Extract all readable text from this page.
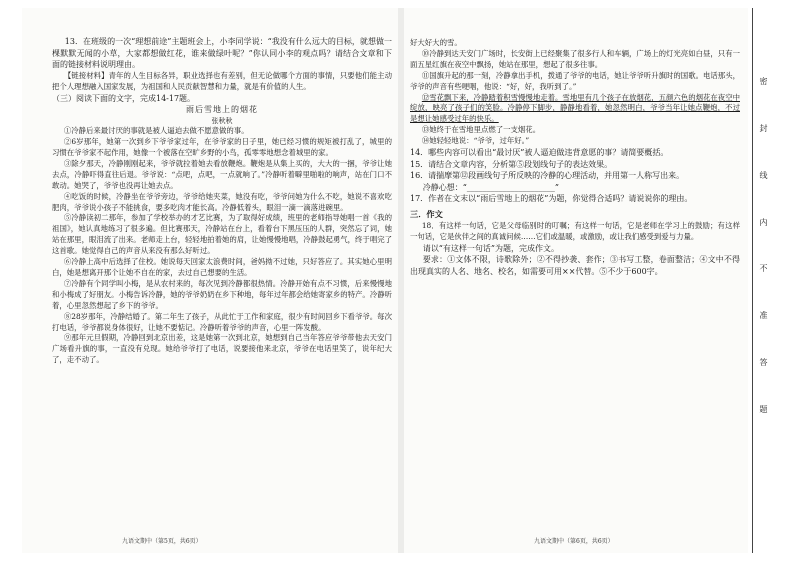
13．在班级的一次“理想前途”主题班会上，小李同学说：“我没有什么远大的目标，就想做一棵默默无闻的小草，大家都想做红花，谁来做绿叶呢？”你认同小李的观点吗？请结合文章和下面的链接材料说明理由。

【链接材料】青年的人生目标各异，职业选择也有差别，但无论做哪个方面的事情，只要他们能主动把个人理想融入国家发展，为祖国和人民贡献智慧和力量，就是有价值的人生。

（三）阅读下面的文字，完成14-17题。

雨后雪地上的烟花

张秋秋

①冷静后来最讨厌的事就是被人逼迫去做不愿意做的事。

②6岁那年，她第一次到乡下爷爷家过年，在爷爷家的日子里，她已经习惯的规矩被打乱了，城里的习惯在爷爷家不起作用，她像一个被落在空旷乡野的小鸟，孤零零地想念着城里的家。

③除夕那天，冷静刚刚起来，爷爷就拉着她去看放鞭炮。鞭炮是从集上买的，大大的一捆，爷爷让她去点，冷静吓得直往后退。爷爷说：“点吧，点吧，一点就响了。”冷静听着噼里啪啦的响声，站在门口不敢动。她哭了，爷爷也没再让她去点。

④吃饭的时候，冷静坐在爷爷旁边，爷爷给她夹菜，她没有吃，爷爷问她为什么不吃，她说不喜欢吃肥肉，爷爷说小孩子不能挑食，要多吃肉才能长高。冷静低着头，眼泪一滴一滴落进碗里。

⑤冷静读初二那年，参加了学校举办的才艺比赛，为了取得好成绩，班里的老师指导她唱一首《我的祖国》，她认真地练习了很多遍。但比赛那天，冷静站在台上，看着台下黑压压的人群，突然忘了词，她站在那里，眼泪流了出来。老师走上台，轻轻地拍着她的肩，让她慢慢地唱，冷静鼓起勇气，终于唱完了这首歌。她觉得自己的声音从来没有那么好听过。

⑥冷静上高中后选择了住校。她说每天回家太浪费时间，爸妈拗不过她，只好答应了。其实她心里明白，她是想离开那个让她不自在的家，去过自己想要的生活。

⑦冷静有个同学叫小梅，是从农村来的，每次见到冷静都很热情。冷静开始有点不习惯，后来慢慢地和小梅成了好朋友。小梅告诉冷静，她的爷爷奶奶在乡下种地，每年过年都会给她寄家乡的特产。冷静听着，心里忽然想起了乡下的爷爷。

⑧28岁那年，冷静结婚了。第二年生了孩子，从此忙于工作和家庭，很少有时间回乡下看爷爷。每次打电话，爷爷都说身体很好，让她不要惦记。冷静听着爷爷的声音，心里一阵发酸。

⑨那年元旦假期，冷静回到北京出差，这是她第一次到北京，她想到自己当年答应爷爷带他去天安门广场看升旗的事，一直没有兑现。她给爷爷打了电话，说要接他来北京，爷爷在电话里笑了，说年纪大了，走不动了。

九语文期中（第5页，共6页）

好大好大的雪。

⑩冷静到达天安门广场时，长安街上已经聚集了很多行人和车辆，广场上的灯光亮如白昼，只有一面五星红旗在夜空中飘扬，她站在那里，想起了很多往事。

⑪国旗升起的那一刻，冷静拿出手机，拨通了爷爷的电话，她让爷爷听升旗时的国歌。电话那头，爷爷的声音有些哽咽，他说：“好，好，我听到了。”

⑫雪花飘下来，冷静踏着积雪慢慢地走着。雪地里有几个孩子在放烟花，五颜六色的烟花在夜空中绽放，映亮了孩子们的笑脸。冷静停下脚步，静静地看着，她忽然明白，爷爷当年让她点鞭炮，不过是想让她感受过年的快乐。

⑬她终于在雪地里点燃了一支烟花。

⑭她轻轻地说：“爷爷，过年好。”

14．哪些内容可以看出“最讨厌”被人逼迫做违背意愿的事？请简要概括。

15．请结合文章内容，分析第⑤段划线句子的表达效果。

16．请揣摩第⑫段画线句子所反映的冷静的心理活动，并用第一人称写出来。

冷静心想：“______________________”

17．作者在文末以“雨后雪地上的烟花”为题，你觉得合适吗？请说说你的理由。

三．作文

18．有这样一句话，它是父母临别时的叮嘱；有这样一句话，它是老师在学习上的鼓励；有这样一句话，它是伙伴之间的真诚问候……它们或温暖，或激励，或让我们感受到爱与力量。

请以“有这样一句话”为题，完成作文。

要求：①文体不限，诗歌除外；②不得抄袭、套作；③书写工整，卷面整洁；④文中不得出现真实的人名、地名、校名，如需要可用××代替。⑤不少于600字。

九语文期中（第6页，共6页）
密
封
线
内
不
准
答
题
